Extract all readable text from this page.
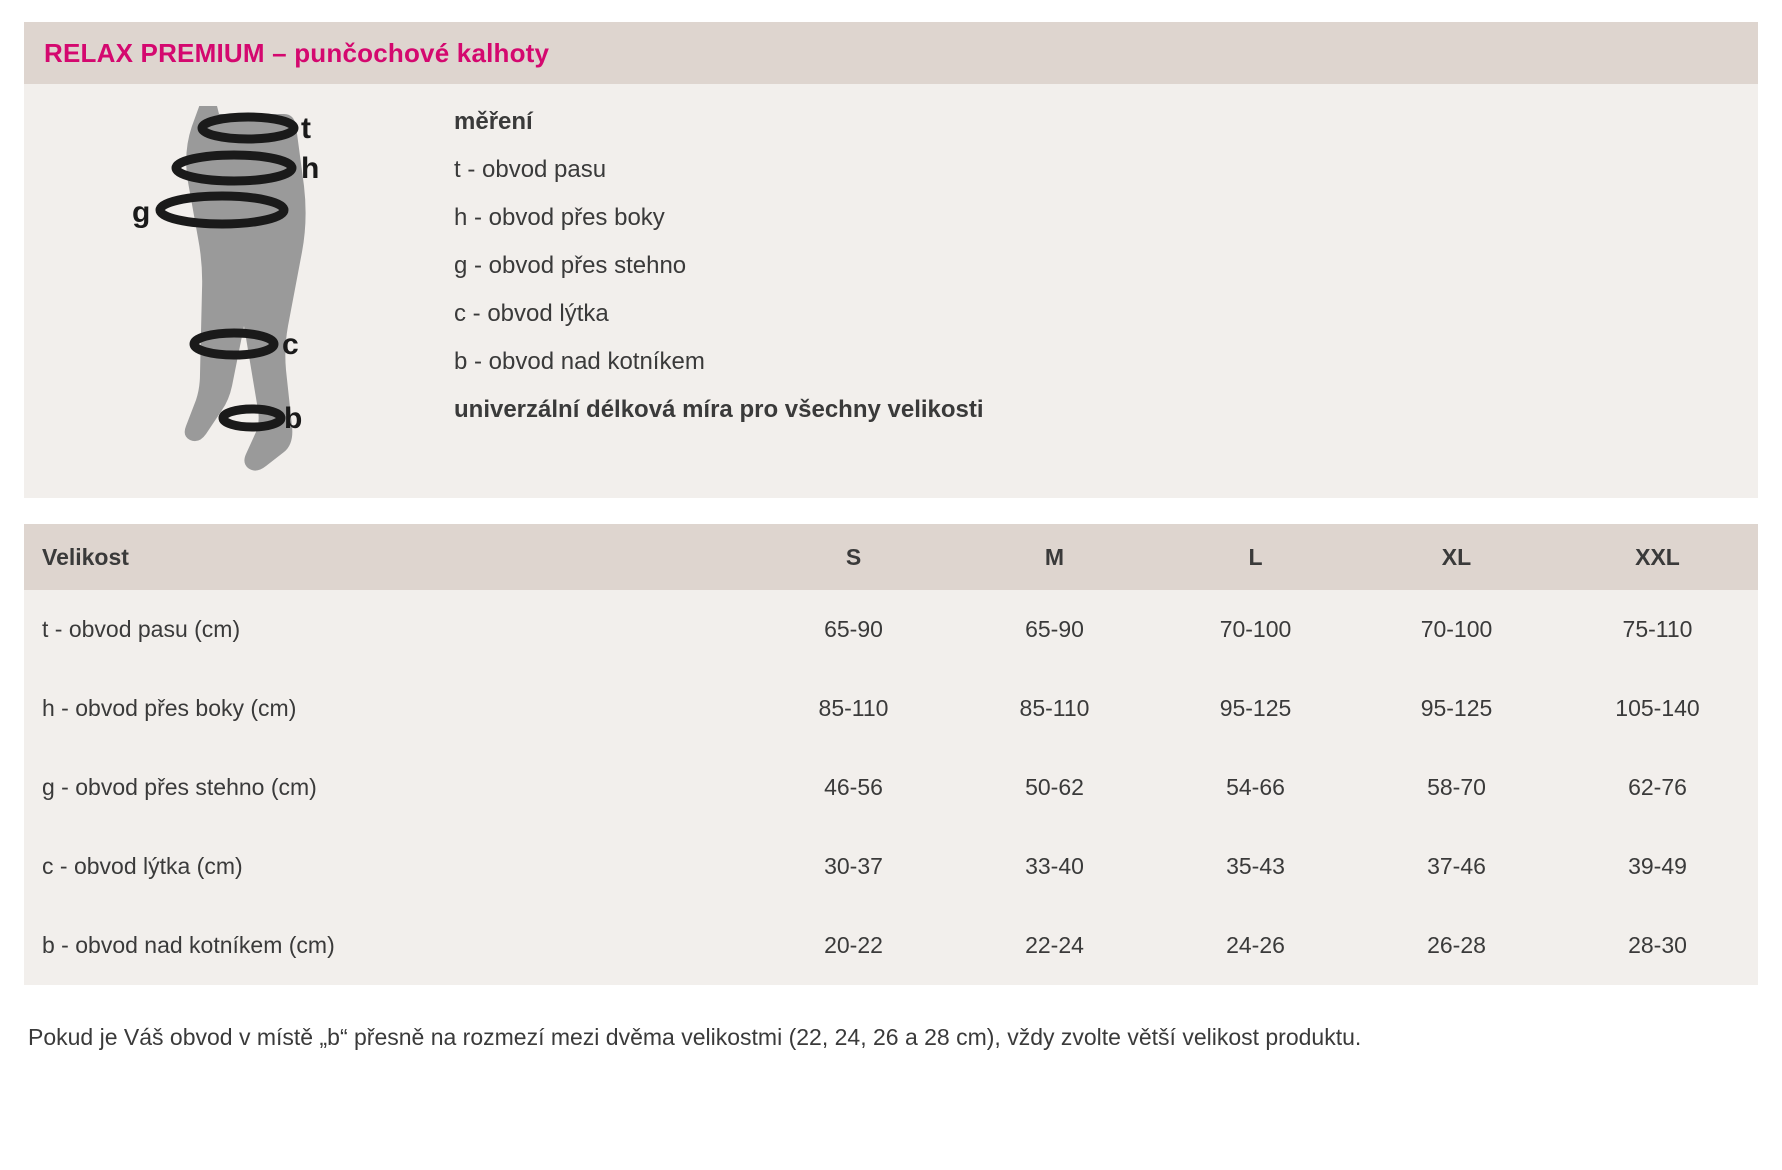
RELAX PREMIUM – punčochové kalhoty
t
h
g
c
b
měření
t - obvod pasu
h - obvod přes boky
g - obvod přes stehno
c - obvod lýtka
b - obvod nad kotníkem
univerzální délková míra pro všechny velikosti
Velikost	S	M	L	XL	XXL
t - obvod pasu (cm)	65-90	65-90	70-100	70-100	75-110
h - obvod přes boky (cm)	85-110	85-110	95-125	95-125	105-140
g - obvod přes stehno (cm)	46-56	50-62	54-66	58-70	62-76
c - obvod lýtka (cm)	30-37	33-40	35-43	37-46	39-49
b - obvod nad kotníkem (cm)	20-22	22-24	24-26	26-28	28-30
Pokud je Váš obvod v místě „b“ přesně na rozmezí mezi dvěma velikostmi (22, 24, 26 a 28 cm), vždy zvolte větší velikost produktu.
